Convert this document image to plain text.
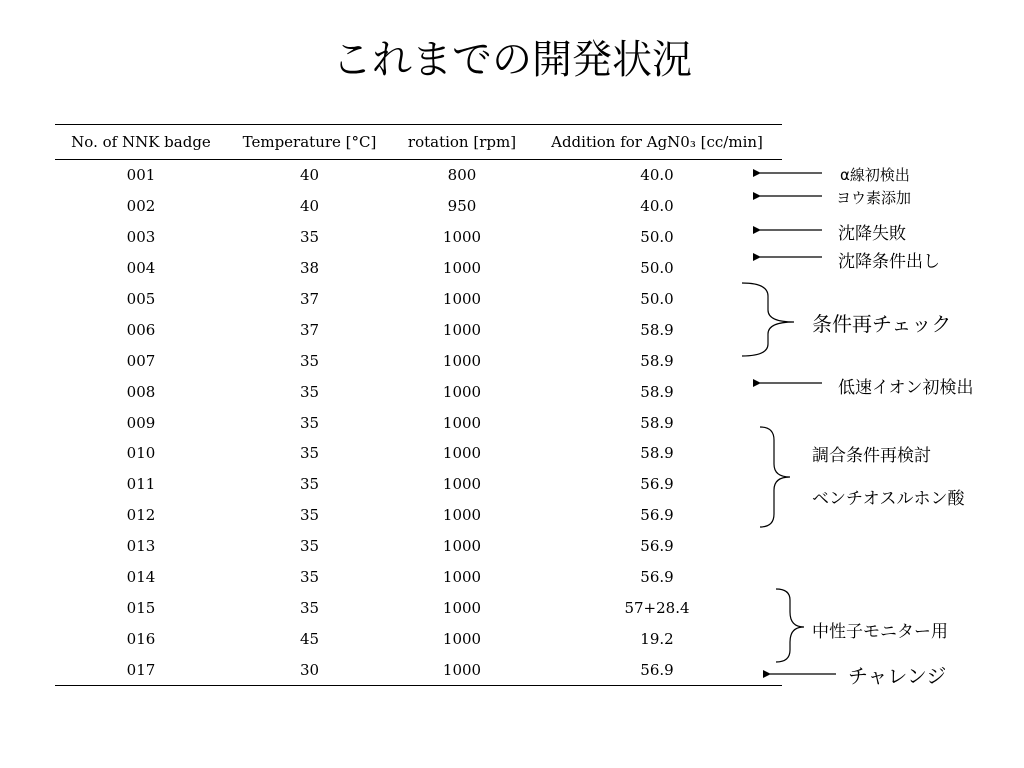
これまでの開発状況
No. of NNK badge	Temperature [°C]	rotation [rpm]	Addition for AgN0₃ [cc/min]
001	40	800	40.0
002	40	950	40.0
003	35	1000	50.0
004	38	1000	50.0
005	37	1000	50.0
006	37	1000	58.9
007	35	1000	58.9
008	35	1000	58.9
009	35	1000	58.9
010	35	1000	58.9
011	35	1000	56.9
012	35	1000	56.9
013	35	1000	56.9
014	35	1000	56.9
015	35	1000	57+28.4
016	45	1000	19.2
017	30	1000	56.9
α線初検出
ヨウ素添加
沈降失敗
沈降条件出し
条件再チェック
低速イオン初検出
調合条件再検討
ベンチオスルホン酸
中性子モニター用
チャレンジ
